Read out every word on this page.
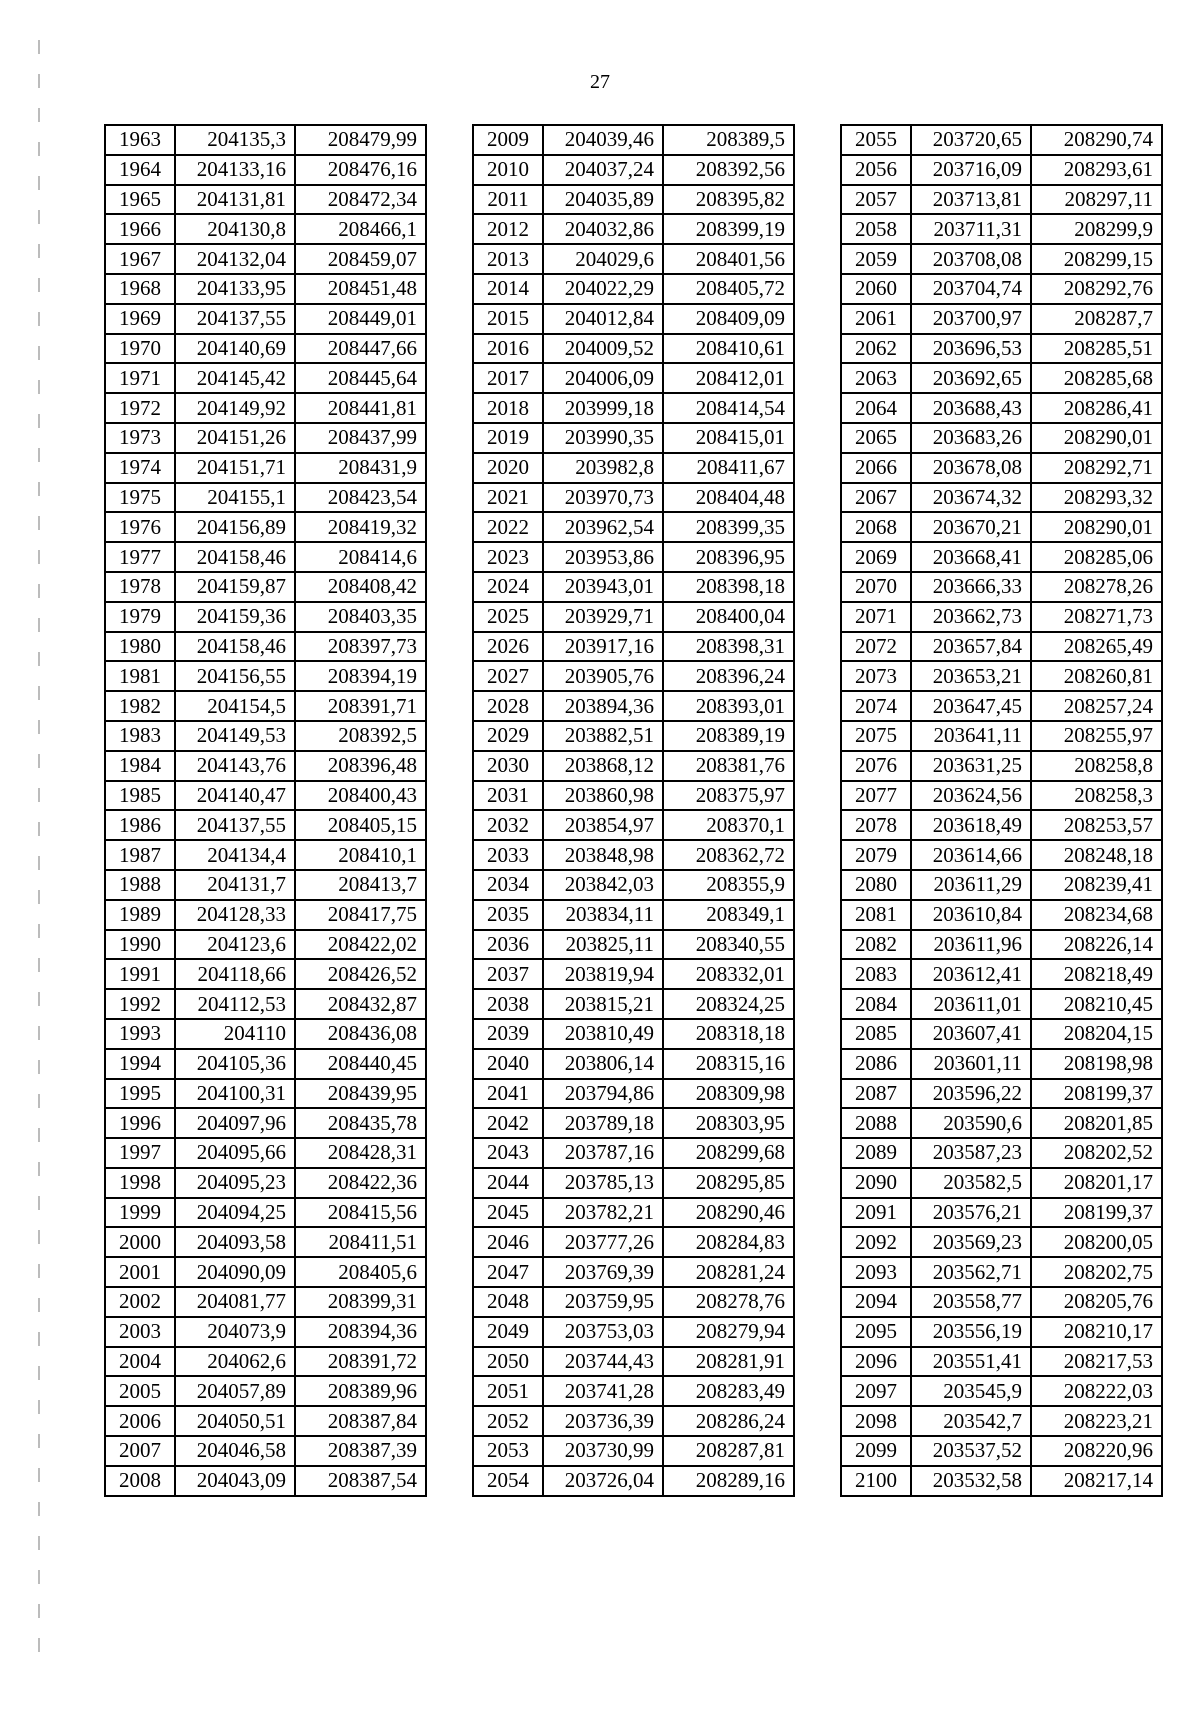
27
1963	204135,3	208479,99
1964	204133,16	208476,16
1965	204131,81	208472,34
1966	204130,8	208466,1
1967	204132,04	208459,07
1968	204133,95	208451,48
1969	204137,55	208449,01
1970	204140,69	208447,66
1971	204145,42	208445,64
1972	204149,92	208441,81
1973	204151,26	208437,99
1974	204151,71	208431,9
1975	204155,1	208423,54
1976	204156,89	208419,32
1977	204158,46	208414,6
1978	204159,87	208408,42
1979	204159,36	208403,35
1980	204158,46	208397,73
1981	204156,55	208394,19
1982	204154,5	208391,71
1983	204149,53	208392,5
1984	204143,76	208396,48
1985	204140,47	208400,43
1986	204137,55	208405,15
1987	204134,4	208410,1
1988	204131,7	208413,7
1989	204128,33	208417,75
1990	204123,6	208422,02
1991	204118,66	208426,52
1992	204112,53	208432,87
1993	204110	208436,08
1994	204105,36	208440,45
1995	204100,31	208439,95
1996	204097,96	208435,78
1997	204095,66	208428,31
1998	204095,23	208422,36
1999	204094,25	208415,56
2000	204093,58	208411,51
2001	204090,09	208405,6
2002	204081,77	208399,31
2003	204073,9	208394,36
2004	204062,6	208391,72
2005	204057,89	208389,96
2006	204050,51	208387,84
2007	204046,58	208387,39
2008	204043,09	208387,54
2009	204039,46	208389,5
2010	204037,24	208392,56
2011	204035,89	208395,82
2012	204032,86	208399,19
2013	204029,6	208401,56
2014	204022,29	208405,72
2015	204012,84	208409,09
2016	204009,52	208410,61
2017	204006,09	208412,01
2018	203999,18	208414,54
2019	203990,35	208415,01
2020	203982,8	208411,67
2021	203970,73	208404,48
2022	203962,54	208399,35
2023	203953,86	208396,95
2024	203943,01	208398,18
2025	203929,71	208400,04
2026	203917,16	208398,31
2027	203905,76	208396,24
2028	203894,36	208393,01
2029	203882,51	208389,19
2030	203868,12	208381,76
2031	203860,98	208375,97
2032	203854,97	208370,1
2033	203848,98	208362,72
2034	203842,03	208355,9
2035	203834,11	208349,1
2036	203825,11	208340,55
2037	203819,94	208332,01
2038	203815,21	208324,25
2039	203810,49	208318,18
2040	203806,14	208315,16
2041	203794,86	208309,98
2042	203789,18	208303,95
2043	203787,16	208299,68
2044	203785,13	208295,85
2045	203782,21	208290,46
2046	203777,26	208284,83
2047	203769,39	208281,24
2048	203759,95	208278,76
2049	203753,03	208279,94
2050	203744,43	208281,91
2051	203741,28	208283,49
2052	203736,39	208286,24
2053	203730,99	208287,81
2054	203726,04	208289,16
2055	203720,65	208290,74
2056	203716,09	208293,61
2057	203713,81	208297,11
2058	203711,31	208299,9
2059	203708,08	208299,15
2060	203704,74	208292,76
2061	203700,97	208287,7
2062	203696,53	208285,51
2063	203692,65	208285,68
2064	203688,43	208286,41
2065	203683,26	208290,01
2066	203678,08	208292,71
2067	203674,32	208293,32
2068	203670,21	208290,01
2069	203668,41	208285,06
2070	203666,33	208278,26
2071	203662,73	208271,73
2072	203657,84	208265,49
2073	203653,21	208260,81
2074	203647,45	208257,24
2075	203641,11	208255,97
2076	203631,25	208258,8
2077	203624,56	208258,3
2078	203618,49	208253,57
2079	203614,66	208248,18
2080	203611,29	208239,41
2081	203610,84	208234,68
2082	203611,96	208226,14
2083	203612,41	208218,49
2084	203611,01	208210,45
2085	203607,41	208204,15
2086	203601,11	208198,98
2087	203596,22	208199,37
2088	203590,6	208201,85
2089	203587,23	208202,52
2090	203582,5	208201,17
2091	203576,21	208199,37
2092	203569,23	208200,05
2093	203562,71	208202,75
2094	203558,77	208205,76
2095	203556,19	208210,17
2096	203551,41	208217,53
2097	203545,9	208222,03
2098	203542,7	208223,21
2099	203537,52	208220,96
2100	203532,58	208217,14
